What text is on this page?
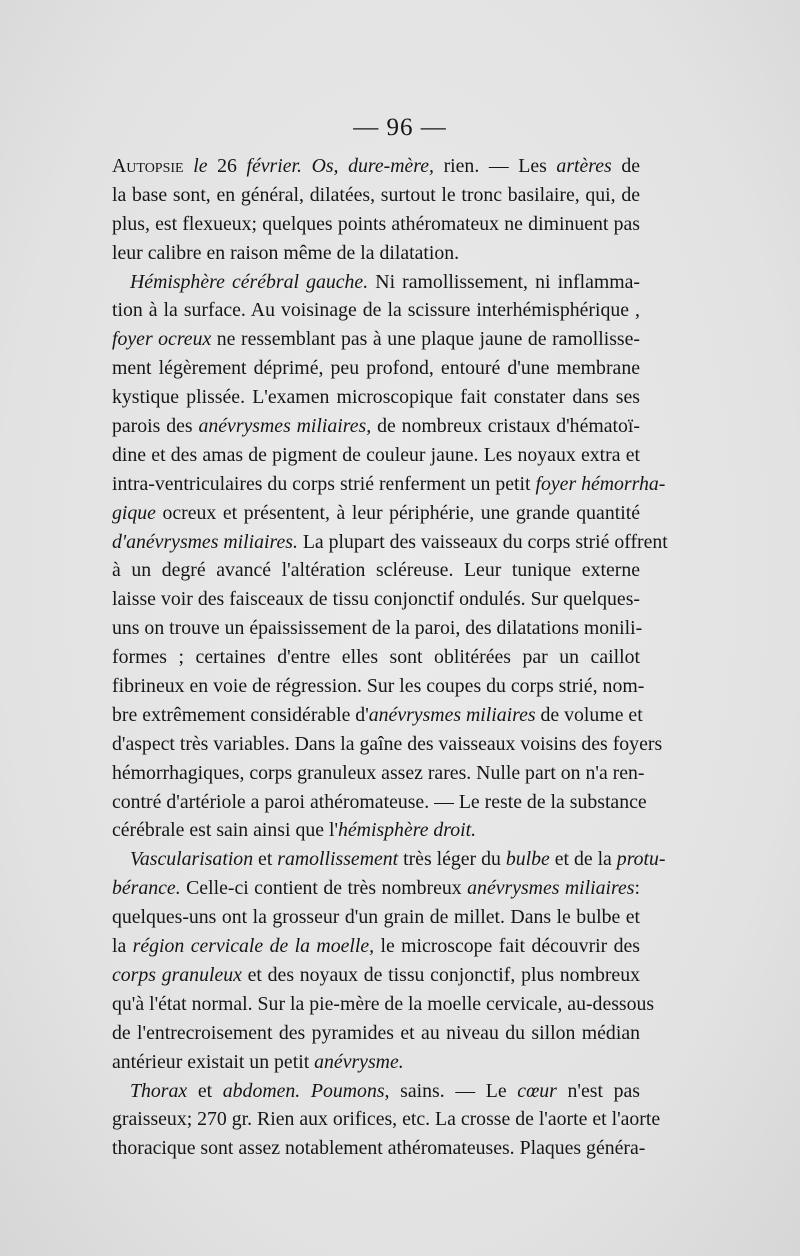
— 96 —
Autopsie le 26 février. Os, dure-mère, rien. — Les artères de
la base sont, en général, dilatées, surtout le tronc basilaire, qui, de
plus, est flexueux; quelques points athéromateux ne diminuent pas
leur calibre en raison même de la dilatation.
Hémisphère cérébral gauche. Ni ramollissement, ni inflamma-
tion à la surface. Au voisinage de la scissure interhémisphérique ,
foyer ocreux ne ressemblant pas à une plaque jaune de ramollisse-
ment légèrement déprimé, peu profond, entouré d'une membrane
kystique plissée. L'examen microscopique fait constater dans ses
parois des anévrysmes miliaires, de nombreux cristaux d'hématoï-
dine et des amas de pigment de couleur jaune. Les noyaux extra et
intra-ventriculaires du corps strié renferment un petit foyer hémorrha-
gique ocreux et présentent, à leur périphérie, une grande quantité
d'anévrysmes miliaires. La plupart des vaisseaux du corps strié offrent
à un degré avancé l'altération scléreuse. Leur tunique externe
laisse voir des faisceaux de tissu conjonctif ondulés. Sur quelques-
uns on trouve un épaississement de la paroi, des dilatations monili-
formes ; certaines d'entre elles sont oblitérées par un caillot
fibrineux en voie de régression. Sur les coupes du corps strié, nom-
bre extrêmement considérable d'anévrysmes miliaires de volume et
d'aspect très variables. Dans la gaîne des vaisseaux voisins des foyers
hémorrhagiques, corps granuleux assez rares. Nulle part on n'a ren-
contré d'artériole a paroi athéromateuse. — Le reste de la substance
cérébrale est sain ainsi que l'hémisphère droit.
Vascularisation et ramollissement très léger du bulbe et de la protu-
bérance. Celle-ci contient de très nombreux anévrysmes miliaires:
quelques-uns ont la grosseur d'un grain de millet. Dans le bulbe et
la région cervicale de la moelle, le microscope fait découvrir des
corps granuleux et des noyaux de tissu conjonctif, plus nombreux
qu'à l'état normal. Sur la pie-mère de la moelle cervicale, au-dessous
de l'entrecroisement des pyramides et au niveau du sillon médian
antérieur existait un petit anévrysme.
Thorax et abdomen. Poumons, sains. — Le cœur n'est pas
graisseux; 270 gr. Rien aux orifices, etc. La crosse de l'aorte et l'aorte
thoracique sont assez notablement athéromateuses. Plaques généra-
